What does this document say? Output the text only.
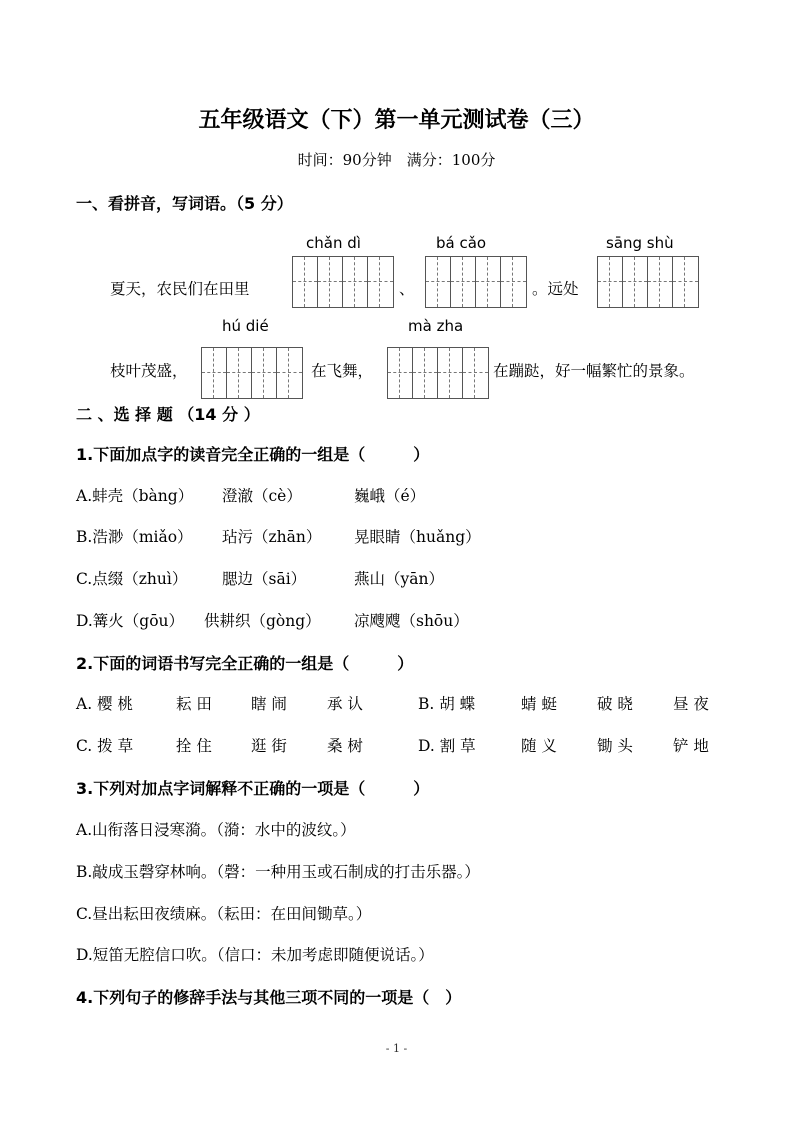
五年级语文（下）第一单元测试卷（三）
时间：90分钟　满分：100分
一、看拼音，写词语。（5 分）
chǎn dì	bá cǎo	sāng shù
夏天，农民们在田里	、	。远处
hú dié	mà zha
枝叶茂盛，	在飞舞，	在蹦跶，好一幅繁忙的景象。
二 、选 择 题 （14 分 ）
1.下面加点字的读音完全正确的一组是（　　　）
A.蚌壳（bàng） 澄澈（cè）	巍峨（é）
B.浩渺（miǎo） 玷污（zhān） 晃眼睛（huǎng）
C.点缀（zhuì） 腮边（sāi）	燕山（yān）
D.篝火（gōu） 供耕织（gòng） 凉飕飕（shōu）
2.下面的词语书写完全正确的一组是（　　　）
A. 樱 桃	耘 田	瞎 闹	承 认	B. 胡 蝶	蜻 蜓	破 晓	昼 夜
C. 拨 草	拴 住	逛 街	桑 树	D. 割 草	随 义	锄 头	铲 地
3.下列对加点字词解释不正确的一项是（　　　）
A.山衔落日浸寒漪。（漪：水中的波纹。）
B.敲成玉磬穿林响。（磬：一种用玉或石制成的打击乐器。）
C.昼出耘田夜绩麻。（耘田：在田间锄草。）
D.短笛无腔信口吹。（信口：未加考虑即随便说话。）
4.下列句子的修辞手法与其他三项不同的一项是（　）
- 1 -
